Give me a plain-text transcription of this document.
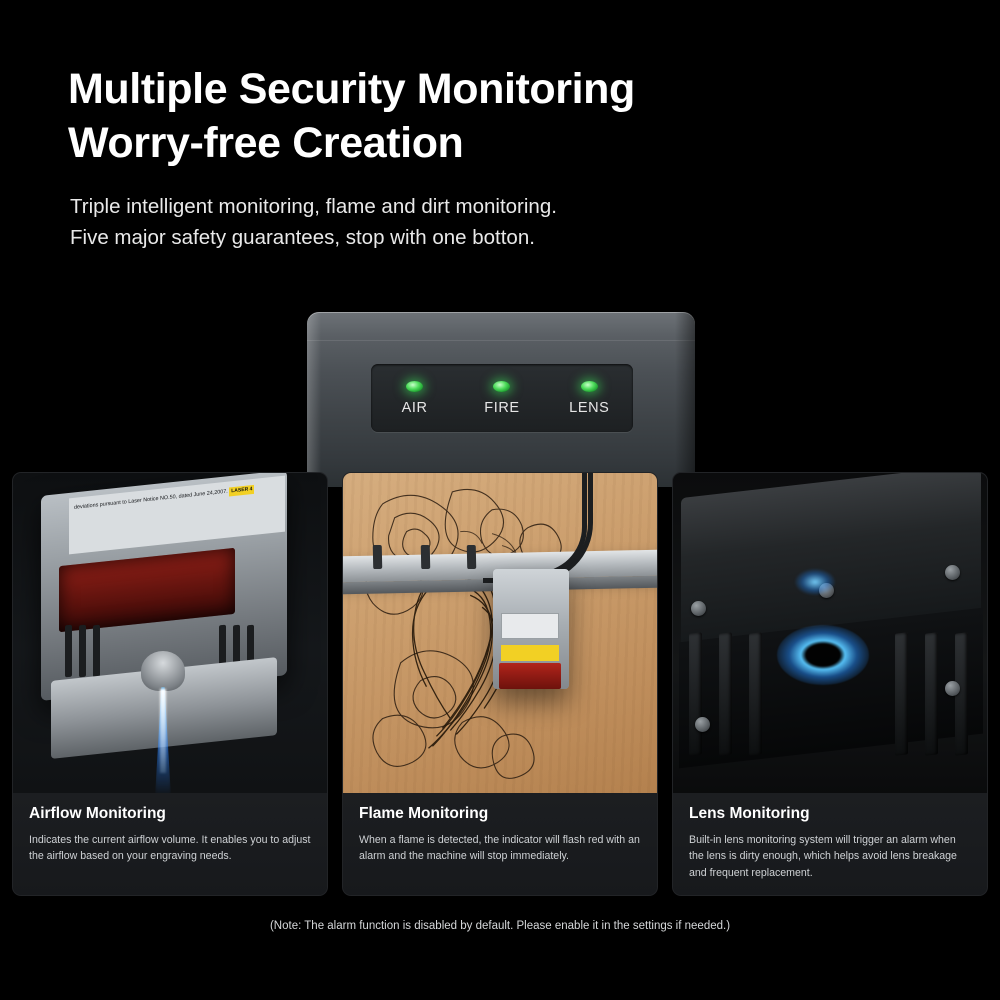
Multiple Security Monitoring
Worry-free Creation
Triple intelligent monitoring, flame and dirt monitoring.
Five major safety guarantees, stop with one botton.
AIR	FIRE	LENS
deviations pursuant to Laser Notice NO.50, dated June 24,2007. LASER 4
Airflow Monitoring
Indicates the current airflow volume. It enables you to adjust the airflow based on your engraving needs.
Flame Monitoring
When a flame is detected, the indicator will flash red with an alarm and the machine will stop immediately.
Lens Monitoring
Built-in lens monitoring system will trigger an alarm when the lens is dirty enough, which helps avoid lens breakage and frequent replacement.
(Note: The alarm function is disabled by default. Please enable it in the settings if needed.)
